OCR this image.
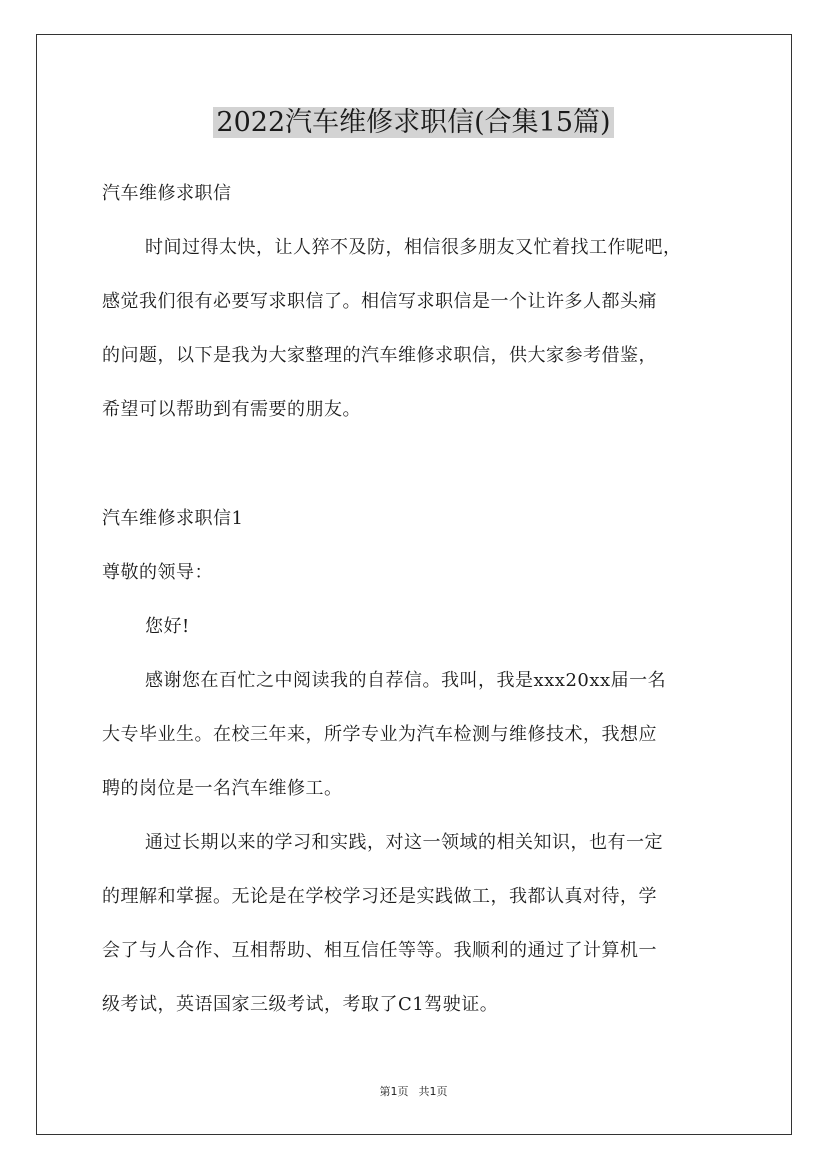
2022汽车维修求职信(合集15篇)
汽车维修求职信
时间过得太快，让人猝不及防，相信很多朋友又忙着找工作呢吧，
感觉我们很有必要写求职信了。相信写求职信是一个让许多人都头痛
的问题，以下是我为大家整理的汽车维修求职信，供大家参考借鉴，
希望可以帮助到有需要的朋友。
汽车维修求职信1
尊敬的领导：
您好!
感谢您在百忙之中阅读我的自荐信。我叫，我是xxx20xx届一名
大专毕业生。在校三年来，所学专业为汽车检测与维修技术，我想应
聘的岗位是一名汽车维修工。
通过长期以来的学习和实践，对这一领域的相关知识，也有一定
的理解和掌握。无论是在学校学习还是实践做工，我都认真对待，学
会了与人合作、互相帮助、相互信任等等。我顺利的通过了计算机一
级考试，英语国家三级考试，考取了C1驾驶证。
第1页 共1页
